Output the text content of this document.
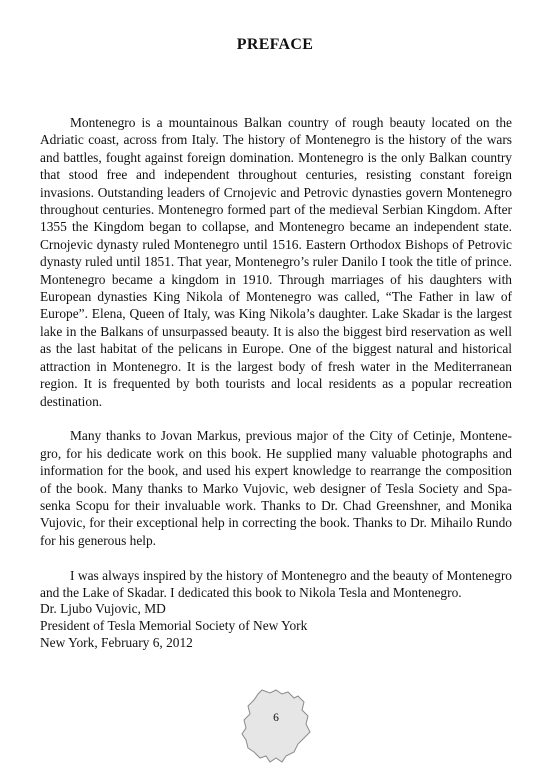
PREFACE

Montenegro is a mountainous Balkan country of rough beauty located on the Adriatic coast, across from Italy. The history of Montenegro is the history of the wars and battles, fought against foreign domination. Montenegro is the only Balkan country that stood free and independent throughout centuries, resisting constant foreign invasions. Outstanding leaders of Crnojevic and Petrovic dynasties govern Montenegro throughout centuries. Montenegro formed part of the medieval Serbian Kingdom. After 1355 the Kingdom began to collapse, and Montenegro became an independent state. Crnojevic dynasty ruled Montenegro until 1516. Eastern Orthodox Bishops of Petrovic dynasty ruled until 1851. That year, Montenegro’s ruler Danilo I took the title of prince. Montenegro became a kingdom in 1910. Through marriages of his daughters with European dynasties King Nikola of Montenegro was called, “The Father in law of Europe”. Elena, Queen of Italy, was King Nikola’s daughter. Lake Skadar is the largest lake in the Balkans of unsurpassed beauty. It is also the biggest bird reservation as well as the last habitat of the pelicans in Europe. One of the biggest natural and historical attraction in Montenegro. It is the largest body of fresh water in the Mediterranean region. It is frequented by both tourists and local residents as a popular recreation destination.

Many thanks to Jovan Markus, previous major of the City of Cetinje, Montenegro, for his dedicate work on this book. He supplied many valuable photographs and information for the book, and used his expert knowledge to rearrange the composition of the book. Many thanks to Marko Vujovic, web designer of Tesla Society and Spasenka Scopu for their invaluable work. Thanks to Dr. Chad Greenshner, and Monika Vujovic, for their exceptional help in correcting the book. Thanks to Dr. Mihailo Rundo for his generous help.

I was always inspired by the history of Montenegro and the beauty of Montenegro and the Lake of Skadar. I dedicated this book to Nikola Tesla and Montenegro.

Dr. Ljubo Vujovic, MD
President of Tesla Memorial Society of New York
New York, February 6, 2012
6
